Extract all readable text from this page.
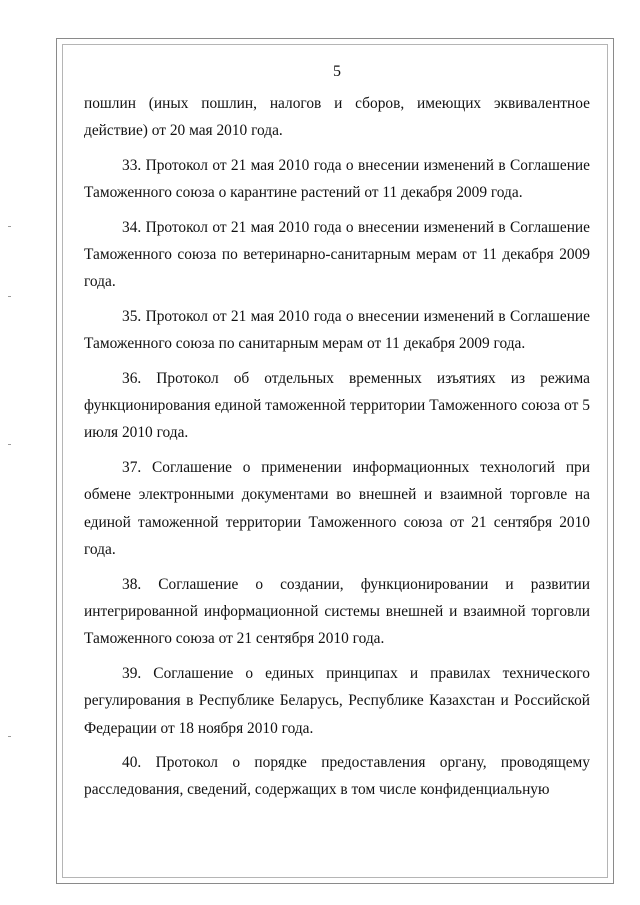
5

пошлин (иных пошлин, налогов и сборов, имеющих эквивалентное действие) от 20 мая 2010 года.

33. Протокол от 21 мая 2010 года о внесении изменений в Соглашение Таможенного союза о карантине растений от 11 декабря 2009 года.

34. Протокол от 21 мая 2010 года о внесении изменений в Соглашение Таможенного союза по ветеринарно-санитарным мерам от 11 декабря 2009 года.

35. Протокол от 21 мая 2010 года о внесении изменений в Соглашение Таможенного союза по санитарным мерам от 11 декабря 2009 года.

36. Протокол об отдельных временных изъятиях из режима функционирования единой таможенной территории Таможенного союза от 5 июля 2010 года.

37. Соглашение о применении информационных технологий при обмене электронными документами во внешней и взаимной торговле на единой таможенной территории Таможенного союза от 21 сентября 2010 года.

38. Соглашение о создании, функционировании и развитии интегрированной информационной системы внешней и взаимной торговли Таможенного союза от 21 сентября 2010 года.

39. Соглашение о единых принципах и правилах технического регулирования в Республике Беларусь, Республике Казахстан и Российской Федерации от 18 ноября 2010 года.

40. Протокол о порядке предоставления органу, проводящему расследования, сведений, содержащих в том числе конфиденциальную
